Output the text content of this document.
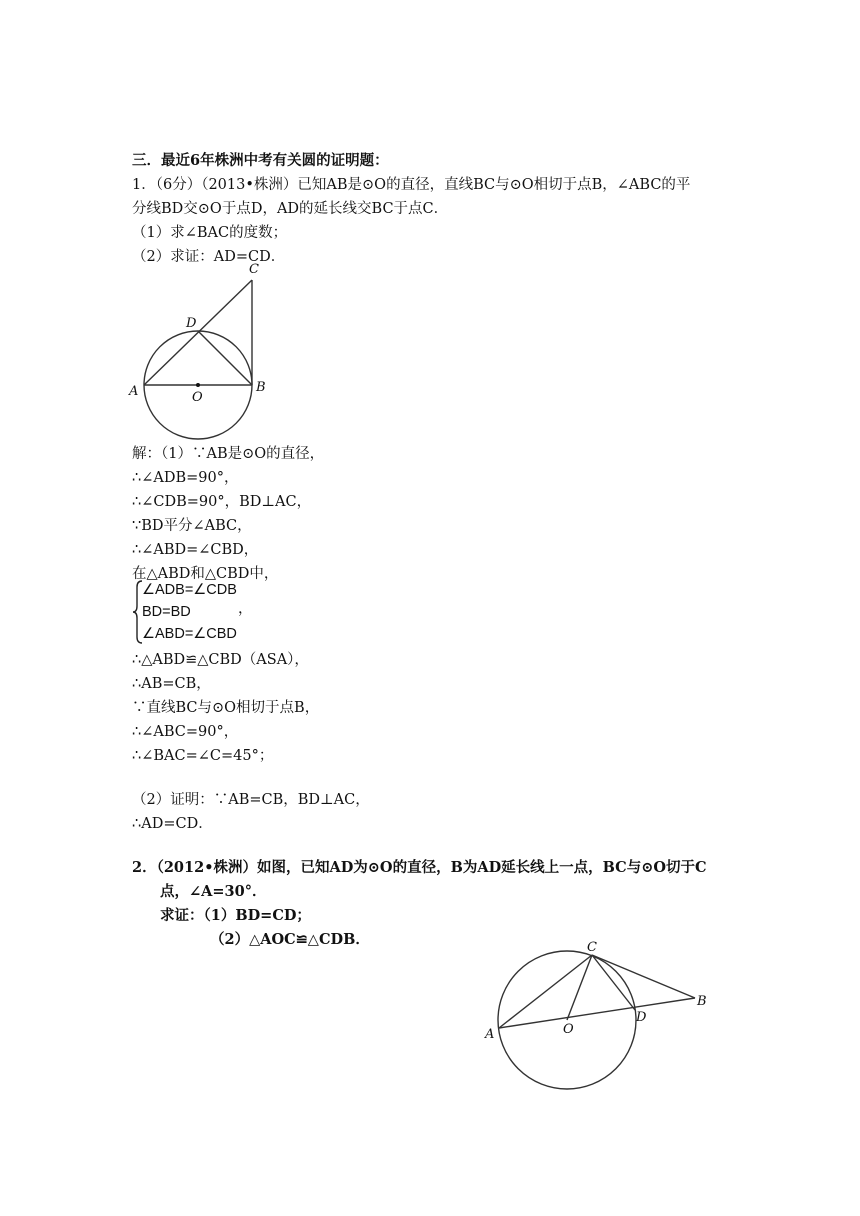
三．最近6年株洲中考有关圆的证明题：
1．（6分）（2013•株洲）已知AB是⊙O的直径，直线BC与⊙O相切于点B，∠ABC的平
分线BD交⊙O于点D，AD的延长线交BC于点C．
（1）求∠BAC的度数；
（2）求证：AD=CD．
C
D
A	B
O
解：（1）∵AB是⊙O的直径，
∴∠ADB=90°，
∴∠CDB=90°，BD⊥AC，
∵BD平分∠ABC，
∴∠ABD=∠CBD，
在△ABD和△CBD中，
∠ADB=∠CDB
BD=BD
∠ABD=∠CBD
，
∴△ABD≌△CBD（ASA），
∴AB=CB，
∵直线BC与⊙O相切于点B，
∴∠ABC=90°，
∴∠BAC=∠C=45°；
（2）证明：∵AB=CB，BD⊥AC，
∴AD=CD．
2．（2012•株洲）如图，已知AD为⊙O的直径，B为AD延长线上一点，BC与⊙O切于C
点，∠A=30°．
求证：（1）BD=CD；
（2）△AOC≌△CDB．	C
A	O
D
B
